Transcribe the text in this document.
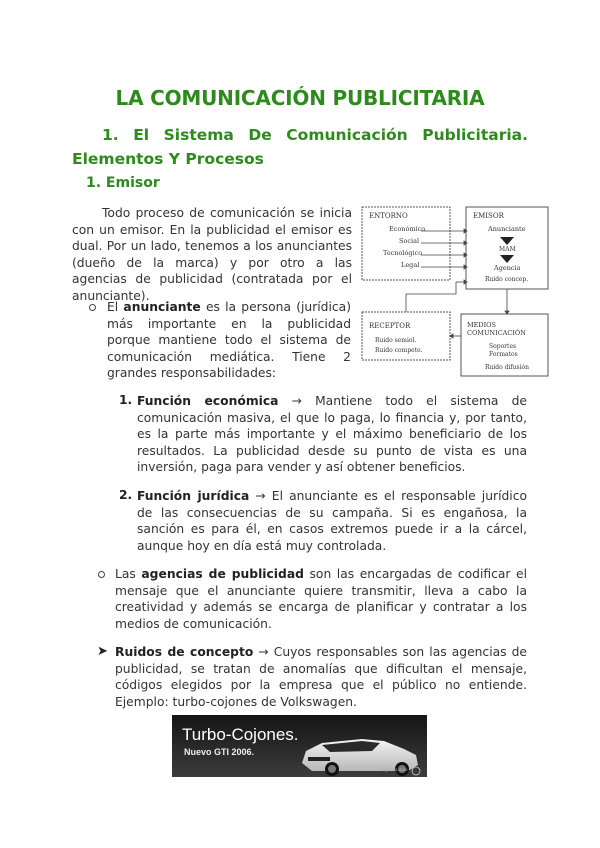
LA COMUNICACIÓN PUBLICITARIA
1. El Sistema De Comunicación Publicitaria. Elementos Y Procesos
1. Emisor
Todo proceso de comunicación se inicia con un emisor. En la publicidad el emisor es dual. Por un lado, tenemos a los anunciantes (dueño de la marca) y por otro a las agencias de publicidad (contratada por el anunciante).
ENTORNO
Económico
Social
Tecnológico
Legal
EMISOR
Anunciante
MAM
Agencia
Ruido concep.
RECEPTOR
Ruido semiol.
Ruido compete.
MEDIOS COMUNICACIÓN
Soportes
Formatos
Ruido difusión
El anunciante es la persona (jurídica) más importante en la publicidad porque mantiene todo el sistema de comunicación mediática. Tiene 2 grandes responsabilidades:
1. Función económica → Mantiene todo el sistema de comunicación masiva, el que lo paga, lo financia y, por tanto, es la parte más importante y el máximo beneficiario de los resultados. La publicidad desde su punto de vista es una inversión, paga para vender y así obtener beneficios.
2. Función jurídica → El anunciante es el responsable jurídico de las consecuencias de su campaña. Si es engañosa, la sanción es para él, en casos extremos puede ir a la cárcel, aunque hoy en día está muy controlada.
Las agencias de publicidad son las encargadas de codificar el mensaje que el anunciante quiere transmitir, lleva a cabo la creatividad y además se encarga de planificar y contratar a los medios de comunicación.
➤ Ruidos de concepto → Cuyos responsables son las agencias de publicidad, se tratan de anomalías que dificultan el mensaje, códigos elegidos por la empresa que el público no entiende. Ejemplo: turbo-cojones de Volkswagen.
Turbo-Cojones.
Nuevo GTI 2006.
Agenda auto
